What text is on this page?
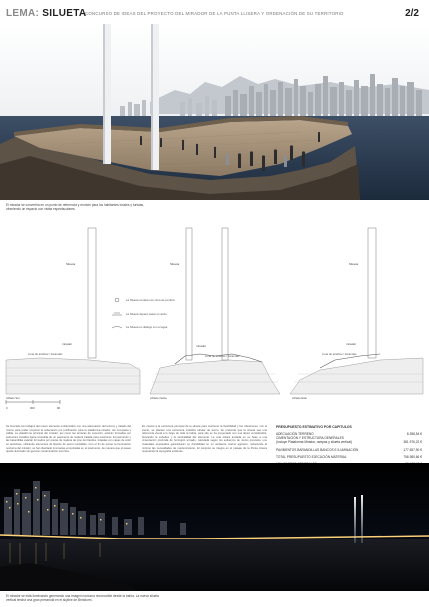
LEMA: SILUETA
CONCURSO DE IDEAS DEL PROYECTO DEL MIRADOR DE LA PUNTA LLISERA Y ORDENACIÓN DE SU TERRITORIO	2/2
El mirador se convertirá en un punto de referencia y reunión para los habitantes locales y turistas, ofreciendo un espacio con vistas espectaculares.
Silueta	Silueta	Silueta
mirador	mirador	mirador
zona de aireflow / barandas	zona de aireflow / barandas	zona de aireflow / barandas
La Silueta contará con cima de sombra
La Silueta depara pasar el viento
La Silueta en diálogo con el agua
0	300	90
Alzado Sur	Alzado Oeste	Alzado Este
Se buscado los trabajos del nuevo elemento emblemático con una adecuación del terreno y tratado del mismo para poder empezar la ordenación por purificación para la plataforma-mirador, tan compacta y cálida. La plataforma principal del mirador, así como las terrazas de conexión, estarán formadas por estructura metálica ligera revestida de un pavimento de madera tratada para exteriores. El pavimento y las barandillas estarán formados por piezas de madera de pino de Flandes, tratadas con capas de color en autoclave, utilizando elementos de fijación de acero inoxidable. Con el fin de prever la iluminación nocturna del mirador, se han diseñado luminarias empotradas en el pavimento, de manera que el paseo quede iluminado sin generar contaminación lumínica.
En cuanto a la estructura principal de la silueta para mantener la flexibilidad y las vibraciones, con el viento, se plantea una estructura metálica tubular de acero. Se pretende que la silueta sea una referencia visual a lo largo de toda la bahía, para ello se ha proyectado con una altura considerable, buscando la esbeltez y la verticalidad del elemento. La cual estará anclada en su base a una cimentación profunda de hormigón armado, calculada según los esfuerzos de viento previstos. Los materiales empleados garantizarán su durabilidad en un ambiente marino agresivo, reduciendo al mínimo las necesidades de mantenimiento. El conjunto se integra en el paisaje de la Punta Llisera respetando la topografía existente.
PRESUPUESTO ESTIMATIVO POR CAPITULOS
ADECUACIÓN TERRENO	8.358,54 €
CIMENTACIÓN Y ESTRUCTURA GENERALES
(Incluye Plataforma Mirador, rampas y silueta vertical)	381.976,22 €
PAVIMENTOS BARANDILLAS BANCOS E ILUMINACIÓN	177.657,90 €
TOTAL PRESUPUESTO EJECUCIÓN MATERIAL	756.980,66 €
El mirador se está iluminando generando una imagen nocturna reconocible desde la bahía. La nueva silueta vertical tendrá una gran presencia en el skyline de Benidorm.
